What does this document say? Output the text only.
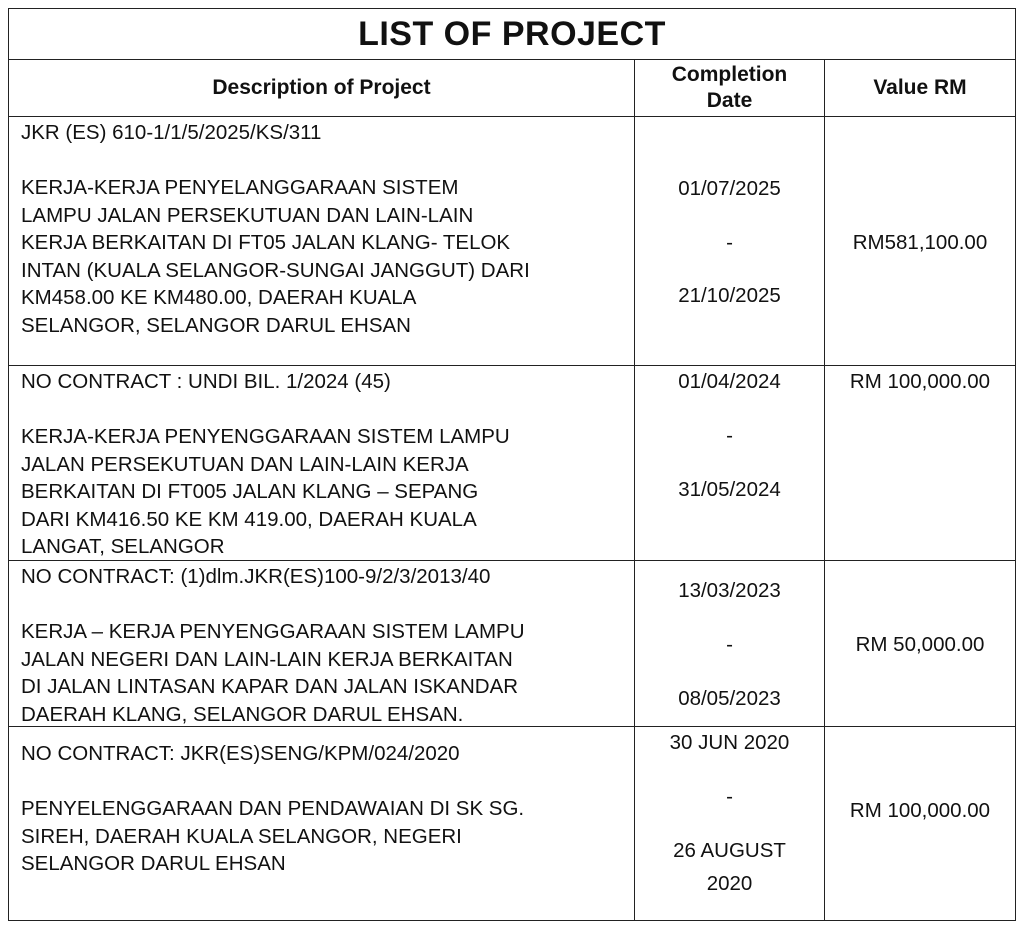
LIST OF PROJECT
Description of Project
Completion
Date
Value RM

JKR (ES) 610-1/1/5/2025/KS/311

KERJA-KERJA PENYELANGGARAAN SISTEM

LAMPU JALAN PERSEKUTUAN DAN LAIN-LAIN

KERJA BERKAITAN DI FT05 JALAN KLANG- TELOK

INTAN (KUALA SELANGOR-SUNGAI JANGGUT) DARI

KM458.00 KE KM480.00, DAERAH KUALA

SELANGOR, SELANGOR DARUL EHSAN

01/07/2025
-
21/10/2025
RM581,100.00

NO CONTRACT : UNDI BIL. 1/2024 (45)

KERJA-KERJA PENYENGGARAAN SISTEM LAMPU

JALAN PERSEKUTUAN DAN LAIN-LAIN KERJA

BERKAITAN DI FT005 JALAN KLANG – SEPANG

DARI KM416.50 KE KM 419.00, DAERAH KUALA

LANGAT, SELANGOR

01/04/2024
-
31/05/2024
RM 100,000.00

NO CONTRACT: (1)dlm.JKR(ES)100-9/2/3/2013/40

KERJA – KERJA PENYENGGARAAN SISTEM LAMPU

JALAN NEGERI DAN LAIN-LAIN KERJA BERKAITAN

DI JALAN LINTASAN KAPAR DAN JALAN ISKANDAR

DAERAH KLANG, SELANGOR DARUL EHSAN.

13/03/2023
-
08/05/2023
RM 50,000.00

NO CONTRACT: JKR(ES)SENG/KPM/024/2020

PENYELENGGARAAN DAN PENDAWAIAN DI SK SG.

SIREH, DAERAH KUALA SELANGOR, NEGERI

SELANGOR DARUL EHSAN

30 JUN 2020
-
26 AUGUST
2020
RM 100,000.00
